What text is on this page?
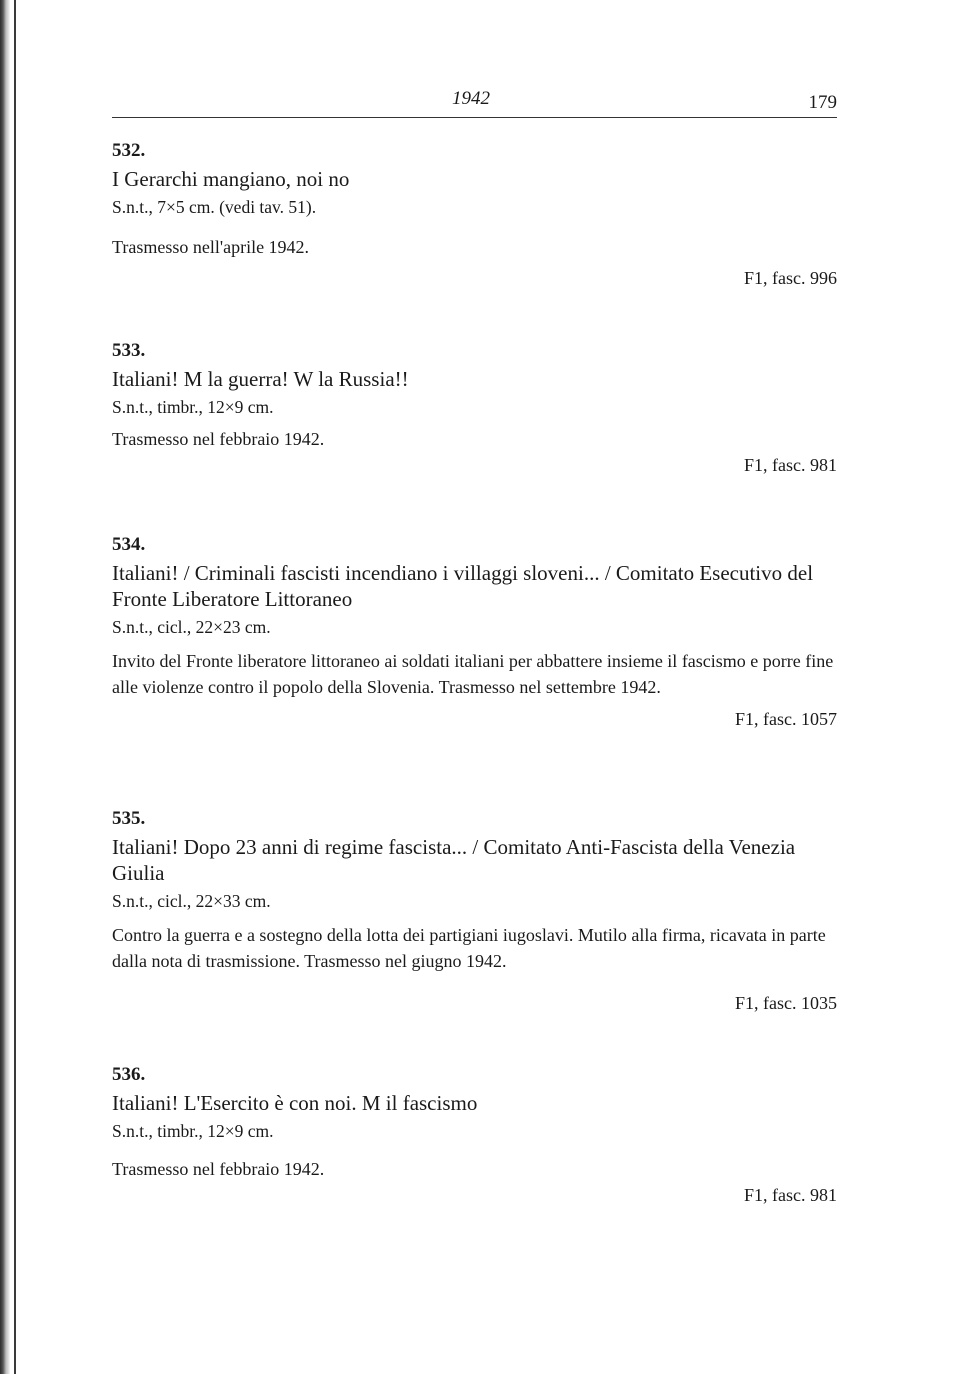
1942	179
532.
I Gerarchi mangiano, noi no
S.n.t., 7×5 cm. (vedi tav. 51).
Trasmesso nell'aprile 1942.
F1, fasc. 996
533.
Italiani! M la guerra! W la Russia!!
S.n.t., timbr., 12×9 cm.
Trasmesso nel febbraio 1942.
F1, fasc. 981
534.
Italiani! / Criminali fascisti incendiano i villaggi sloveni... / Comitato Esecutivo del Fronte Liberatore Littoraneo
S.n.t., cicl., 22×23 cm.
Invito del Fronte liberatore littoraneo ai soldati italiani per abbattere insieme il fascismo e porre fine alle violenze contro il popolo della Slovenia. Trasmesso nel settembre 1942.
F1, fasc. 1057
535.
Italiani! Dopo 23 anni di regime fascista... / Comitato Anti-Fascista della Venezia Giulia
S.n.t., cicl., 22×33 cm.
Contro la guerra e a sostegno della lotta dei partigiani iugoslavi. Mutilo alla firma, ricavata in parte dalla nota di trasmissione. Trasmesso nel giugno 1942.
F1, fasc. 1035
536.
Italiani! L'Esercito è con noi. M il fascismo
S.n.t., timbr., 12×9 cm.
Trasmesso nel febbraio 1942.
F1, fasc. 981
